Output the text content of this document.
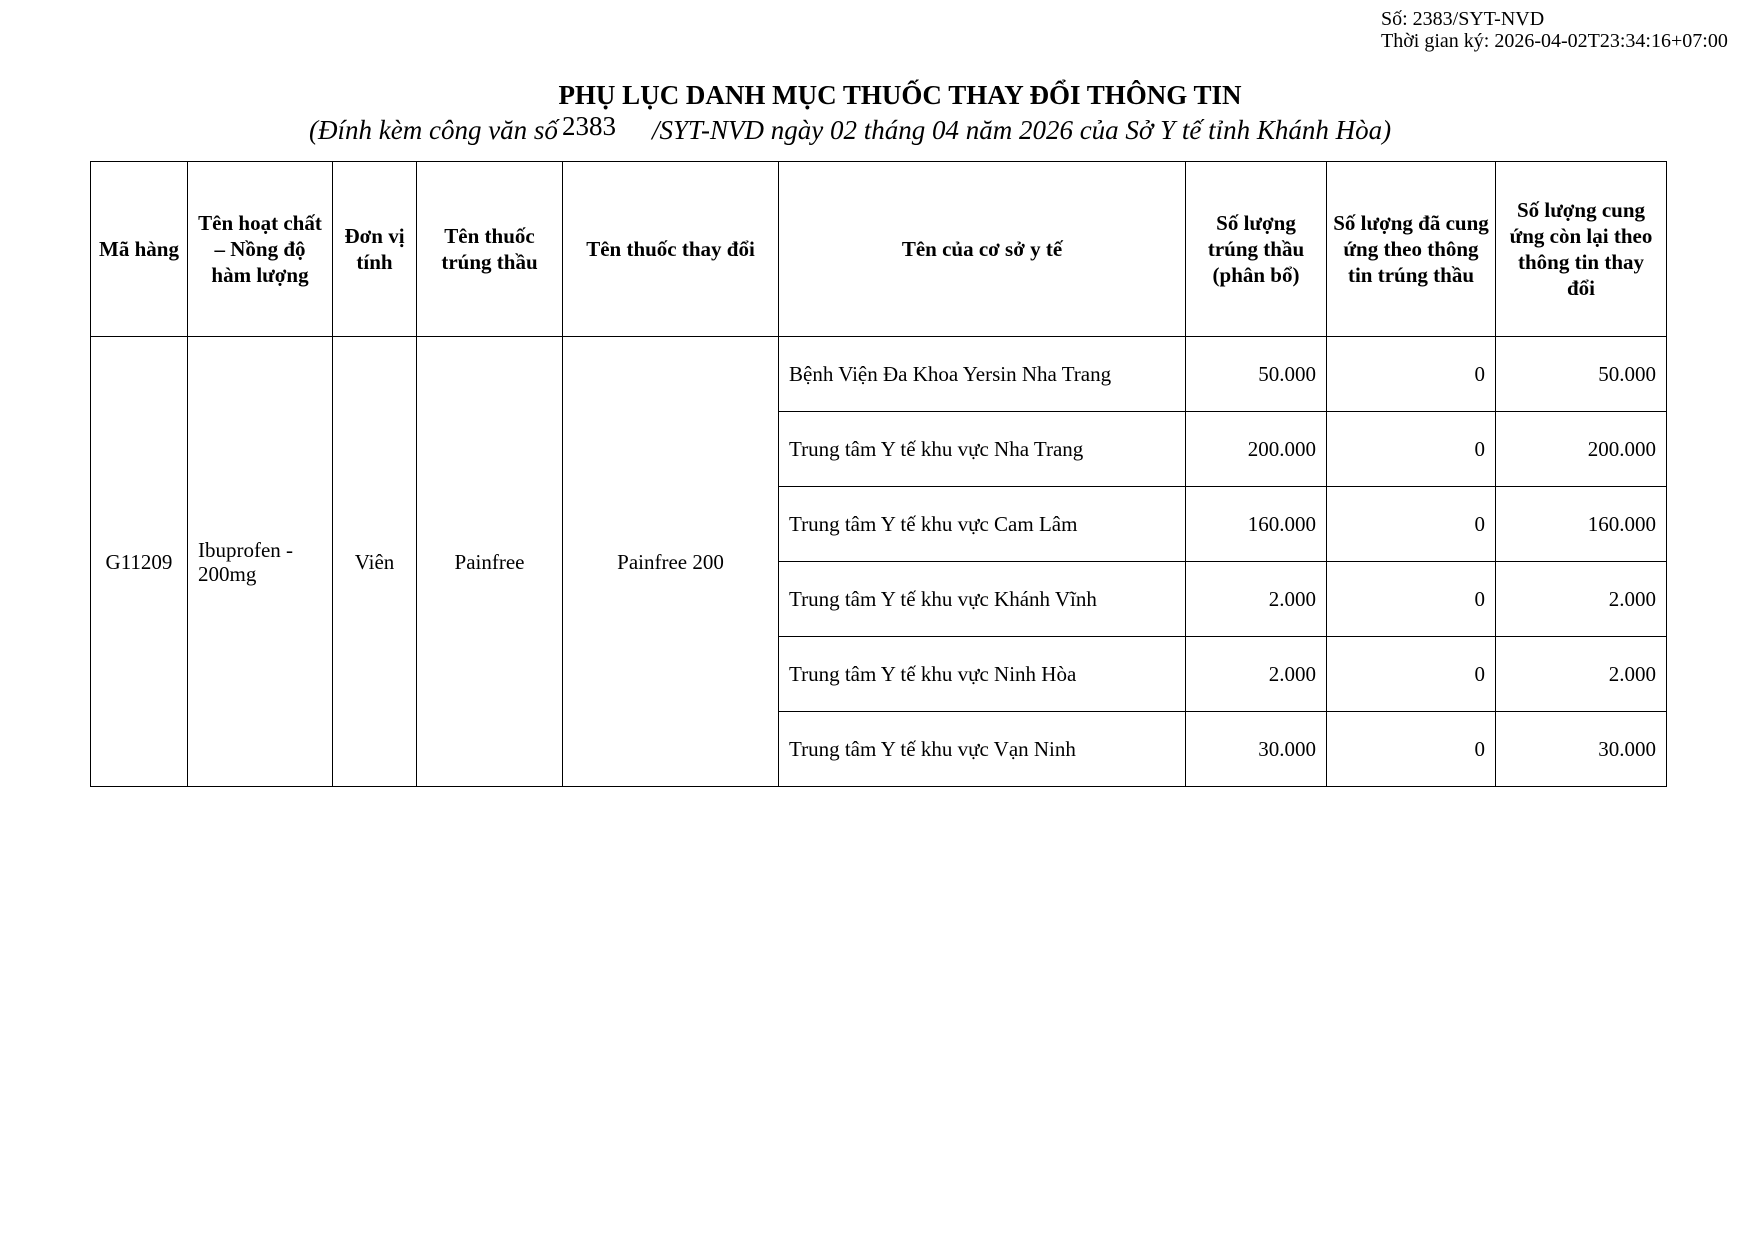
Số: 2383/SYT-NVD
Thời gian ký: 2026-04-02T23:34:16+07:00
PHỤ LỤC DANH MỤC THUỐC THAY ĐỔI THÔNG TIN
(Đính kèm công văn số 2383 /SYT-NVD ngày 02 tháng 04 năm 2026 của Sở Y tế tỉnh Khánh Hòa)
Mã hàng	Tên hoạt chất – Nồng độ hàm lượng	Đơn vị tính	Tên thuốc trúng thầu	Tên thuốc thay đổi	Tên của cơ sở y tế	Số lượng trúng thầu (phân bổ)	Số lượng đã cung ứng theo thông tin trúng thầu	Số lượng cung ứng còn lại theo thông tin thay đổi
G11209	Ibuprofen - 200mg	Viên	Painfree	Painfree 200	Bệnh Viện Đa Khoa Yersin Nha Trang	50.000	0	50.000
					Trung tâm Y tế khu vực Nha Trang	200.000	0	200.000
					Trung tâm Y tế khu vực Cam Lâm	160.000	0	160.000
					Trung tâm Y tế khu vực Khánh Vĩnh	2.000	0	2.000
					Trung tâm Y tế khu vực Ninh Hòa	2.000	0	2.000
					Trung tâm Y tế khu vực Vạn Ninh	30.000	0	30.000
